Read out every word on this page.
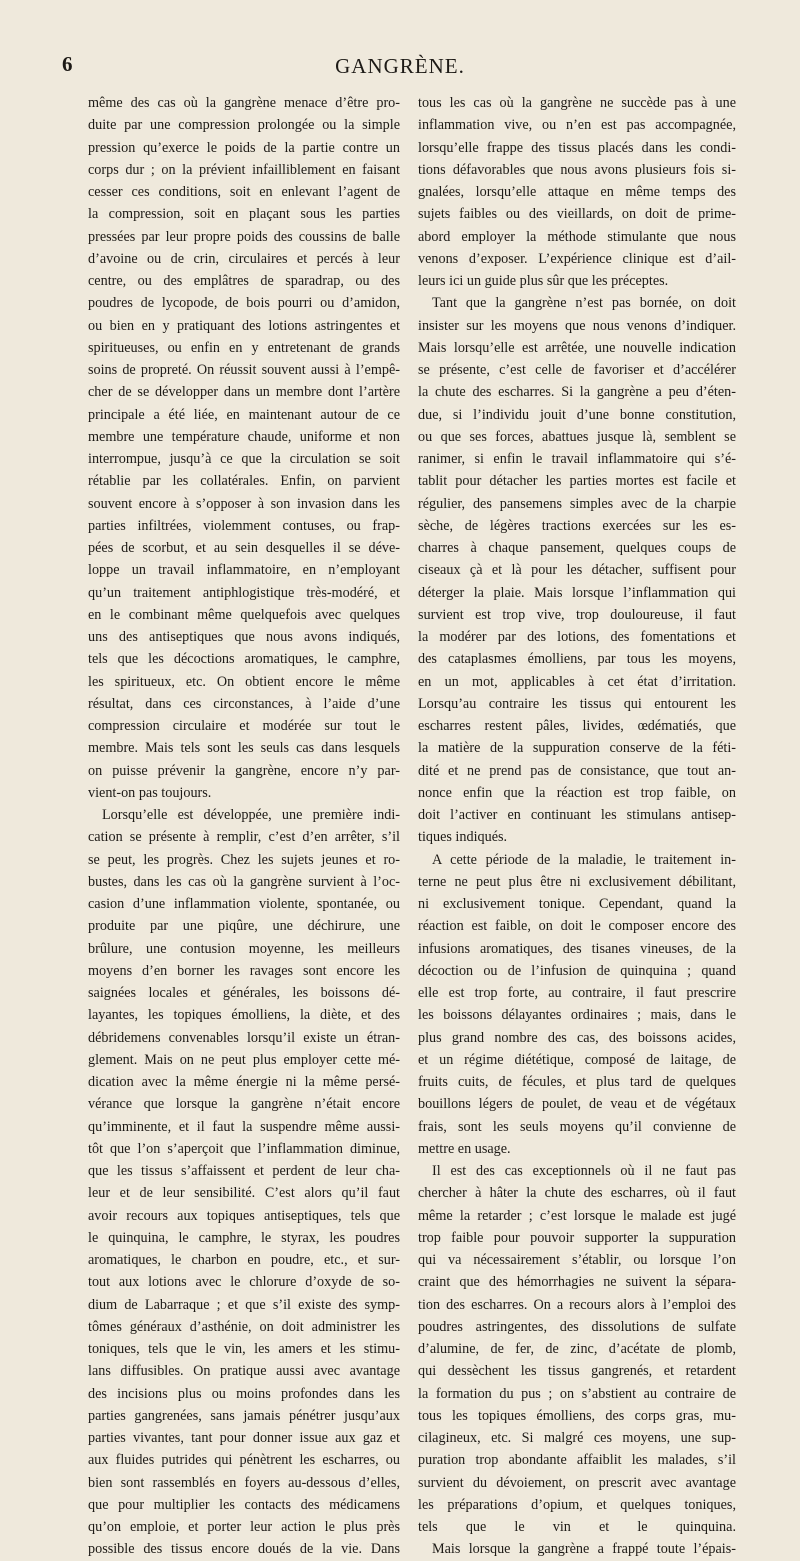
6	GANGRÈNE.
même des cas où la gangrène menace d’être pro-
duite par une compression prolongée ou la simple
pression qu’exerce le poids de la partie contre un
corps dur ; on la prévient infailliblement en faisant
cesser ces conditions, soit en enlevant l’agent de
la compression, soit en plaçant sous les parties
pressées par leur propre poids des coussins de balle
d’avoine ou de crin, circulaires et percés à leur
centre, ou des emplâtres de sparadrap, ou des
poudres de lycopode, de bois pourri ou d’amidon,
ou bien en y pratiquant des lotions astringentes et
spiritueuses, ou enfin en y entretenant de grands
soins de propreté. On réussit souvent aussi à l’empê-
cher de se développer dans un membre dont l’artère
principale a été liée, en maintenant autour de ce
membre une température chaude, uniforme et non
interrompue, jusqu’à ce que la circulation se soit
rétablie par les collatérales. Enfin, on parvient
souvent encore à s’opposer à son invasion dans les
parties infiltrées, violemment contuses, ou frap-
pées de scorbut, et au sein desquelles il se déve-
loppe un travail inflammatoire, en n’employant
qu’un traitement antiphlogistique très-modéré, et
en le combinant même quelquefois avec quelques
uns des antiseptiques que nous avons indiqués,
tels que les décoctions aromatiques, le camphre,
les spiritueux, etc. On obtient encore le même
résultat, dans ces circonstances, à l’aide d’une
compression circulaire et modérée sur tout le
membre. Mais tels sont les seuls cas dans lesquels
on puisse prévenir la gangrène, encore n’y par-
vient-on pas toujours.
Lorsqu’elle est développée, une première indi-
cation se présente à remplir, c’est d’en arrêter, s’il
se peut, les progrès. Chez les sujets jeunes et ro-
bustes, dans les cas où la gangrène survient à l’oc-
casion d’une inflammation violente, spontanée, ou
produite par une piqûre, une déchirure, une
brûlure, une contusion moyenne, les meilleurs
moyens d’en borner les ravages sont encore les
saignées locales et générales, les boissons dé-
layantes, les topiques émolliens, la diète, et des
débridemens convenables lorsqu’il existe un étran-
glement. Mais on ne peut plus employer cette mé-
dication avec la même énergie ni la même persé-
vérance que lorsque la gangrène n’était encore
qu’imminente, et il faut la suspendre même aussi-
tôt que l’on s’aperçoit que l’inflammation diminue,
que les tissus s’affaissent et perdent de leur cha-
leur et de leur sensibilité. C’est alors qu’il faut
avoir recours aux topiques antiseptiques, tels que
le quinquina, le camphre, le styrax, les poudres
aromatiques, le charbon en poudre, etc., et sur-
tout aux lotions avec le chlorure d’oxyde de so-
dium de Labarraque ; et que s’il existe des symp-
tômes généraux d’asthénie, on doit administrer les
toniques, tels que le vin, les amers et les stimu-
lans diffusibles. On pratique aussi avec avantage
des incisions plus ou moins profondes dans les
parties gangrenées, sans jamais pénétrer jusqu’aux
parties vivantes, tant pour donner issue aux gaz et
aux fluides putrides qui pénètrent les escharres, ou
bien sont rassemblés en foyers au-dessous d’elles,
que pour multiplier les contacts des médicamens
qu’on emploie, et porter leur action le plus près
possible des tissus encore doués de la vie. Dans
tous les cas où la gangrène ne succède pas à une
inflammation vive, ou n’en est pas accompagnée,
lorsqu’elle frappe des tissus placés dans les condi-
tions défavorables que nous avons plusieurs fois si-
gnalées, lorsqu’elle attaque en même temps des
sujets faibles ou des vieillards, on doit de prime-
abord employer la méthode stimulante que nous
venons d’exposer. L’expérience clinique est d’ail-
leurs ici un guide plus sûr que les préceptes.
Tant que la gangrène n’est pas bornée, on doit
insister sur les moyens que nous venons d’indiquer.
Mais lorsqu’elle est arrêtée, une nouvelle indication
se présente, c’est celle de favoriser et d’accélérer
la chute des escharres. Si la gangrène a peu d’éten-
due, si l’individu jouit d’une bonne constitution,
ou que ses forces, abattues jusque là, semblent se
ranimer, si enfin le travail inflammatoire qui s’é-
tablit pour détacher les parties mortes est facile et
régulier, des pansemens simples avec de la charpie
sèche, de légères tractions exercées sur les es-
charres à chaque pansement, quelques coups de
ciseaux çà et là pour les détacher, suffisent pour
déterger la plaie. Mais lorsque l’inflammation qui
survient est trop vive, trop douloureuse, il faut
la modérer par des lotions, des fomentations et
des cataplasmes émolliens, par tous les moyens,
en un mot, applicables à cet état d’irritation.
Lorsqu’au contraire les tissus qui entourent les
escharres restent pâles, livides, œdématiés, que
la matière de la suppuration conserve de la féti-
dité et ne prend pas de consistance, que tout an-
nonce enfin que la réaction est trop faible, on
doit l’activer en continuant les stimulans antisep-
tiques indiqués.
A cette période de la maladie, le traitement in-
terne ne peut plus être ni exclusivement débilitant,
ni exclusivement tonique. Cependant, quand la
réaction est faible, on doit le composer encore des
infusions aromatiques, des tisanes vineuses, de la
décoction ou de l’infusion de quinquina ; quand
elle est trop forte, au contraire, il faut prescrire
les boissons délayantes ordinaires ; mais, dans le
plus grand nombre des cas, des boissons acides,
et un régime diététique, composé de laitage, de
fruits cuits, de fécules, et plus tard de quelques
bouillons légers de poulet, de veau et de végétaux
frais, sont les seuls moyens qu’il convienne de
mettre en usage.
Il est des cas exceptionnels où il ne faut pas
chercher à hâter la chute des escharres, où il faut
même la retarder ; c’est lorsque le malade est jugé
trop faible pour pouvoir supporter la suppuration
qui va nécessairement s’établir, ou lorsque l’on
craint que des hémorrhagies ne suivent la sépara-
tion des escharres. On a recours alors à l’emploi des
poudres astringentes, des dissolutions de sulfate
d’alumine, de fer, de zinc, d’acétate de plomb,
qui dessèchent les tissus gangrenés, et retardent
la formation du pus ; on s’abstient au contraire de
tous les topiques émolliens, des corps gras, mu-
cilagineux, etc. Si malgré ces moyens, une sup-
puration trop abondante affaiblit les malades, s’il
survient du dévoiement, on prescrit avec avantage
les préparations d’opium, et quelques toniques,
tels que le vin et le quinquina.
Mais lorsque la gangrène a frappé toute l’épais-
